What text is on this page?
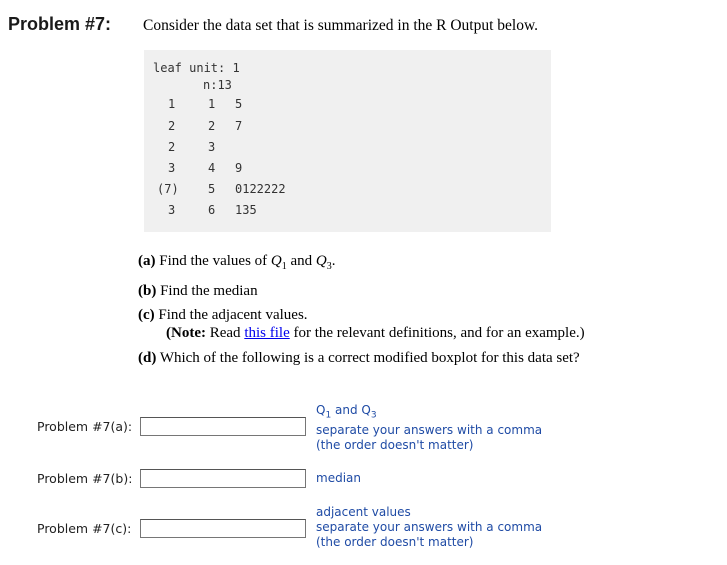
Problem #7: Consider the data set that is summarized in the R Output below.
leaf unit: 1
n:13
1	1 5
2	2 7
2	3
3	4 9
(7) 5 0122222
3	6 135
(a) Find the values of $Q_1$ and $Q_3$.
(b) Find the median
(c) Find the adjacent values.
(Note: Read this file for the relevant definitions, and for an example.)
(d) Which of the following is a correct modified boxplot for this data set?
Problem #7(a):
$Q_1$ and $Q_3$
separate your answers with a comma
(the order doesn't matter)
Problem #7(b):	median
Problem #7(c):
adjacent values
separate your answers with a comma
(the order doesn't matter)
